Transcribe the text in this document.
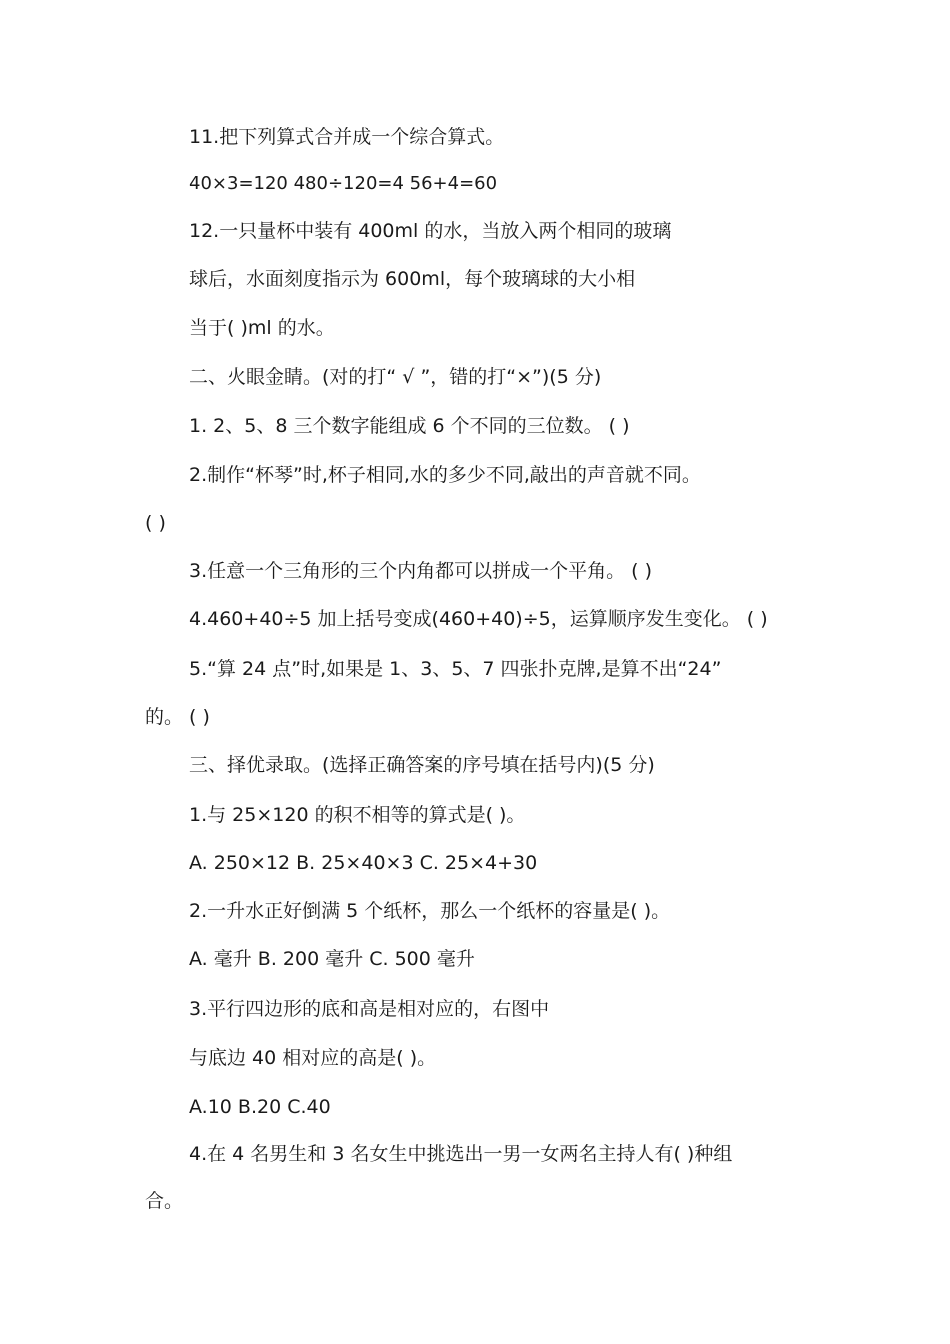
11.把下列算式合并成一个综合算式。
40×3=120 480÷120=4 56+4=60
12.一只量杯中装有 400ml 的水，当放入两个相同的玻璃
球后，水面刻度指示为 600ml，每个玻璃球的大小相
当于( )ml 的水。
二、火眼金睛。(对的打“ √ ”，错的打“×”)(5 分)
1. 2、5、8 三个数字能组成 6 个不同的三位数。 ( )
2.制作“杯琴”时,杯子相同,水的多少不同,敲出的声音就不同。
( )
3.任意一个三角形的三个内角都可以拼成一个平角。 ( )
4.460+40÷5 加上括号变成(460+40)÷5，运算顺序发生变化。 ( )
5.“算 24 点”时,如果是 1、3、5、7 四张扑克牌,是算不出“24”
的。 ( )
三、择优录取。(选择正确答案的序号填在括号内)(5 分)
1.与 25×120 的积不相等的算式是( )。
A. 250×12 B. 25×40×3 C. 25×4+30
2.一升水正好倒满 5 个纸杯，那么一个纸杯的容量是( )。
A. 毫升 B. 200 毫升 C. 500 毫升
3.平行四边形的底和高是相对应的，右图中
与底边 40 相对应的高是( )。
A.10 B.20 C.40
4.在 4 名男生和 3 名女生中挑选出一男一女两名主持人有( )种组
合。
